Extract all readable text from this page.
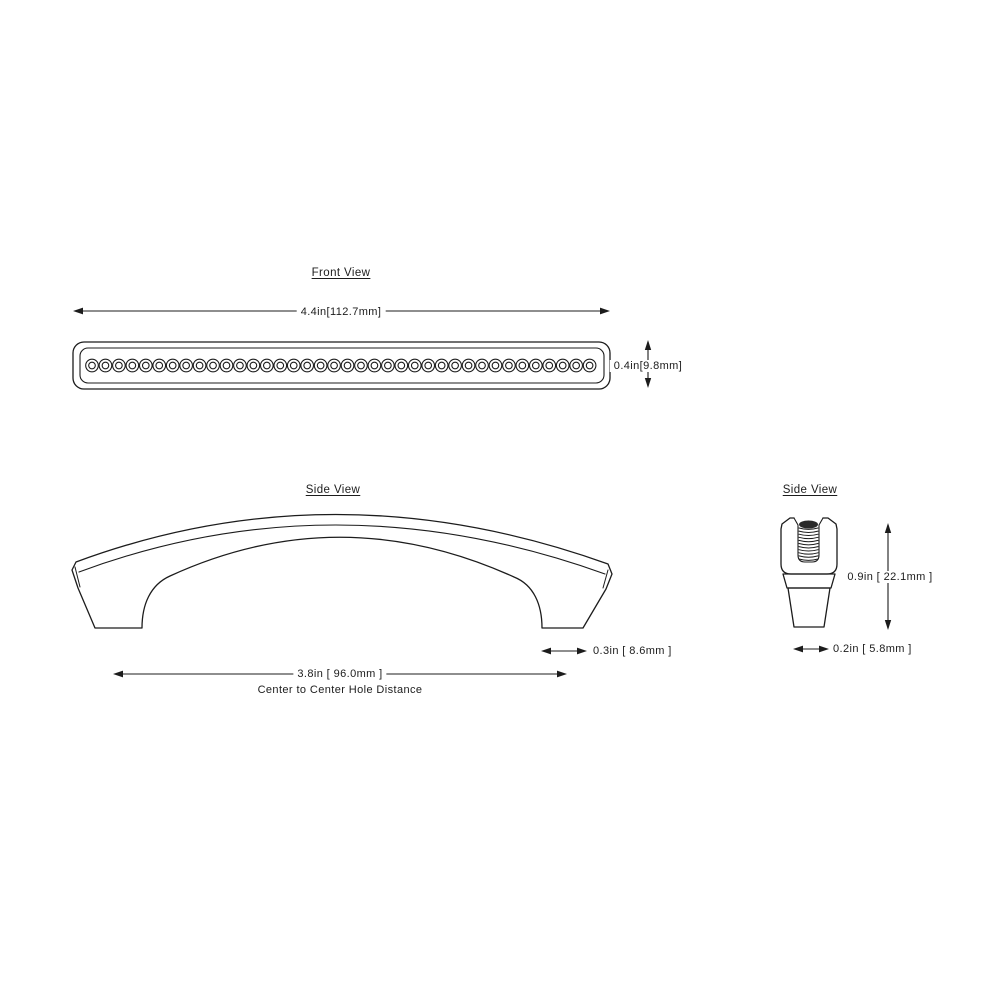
Front View
4.4in[112.7mm]
0.4in[9.8mm]
Side View
0.3in [ 8.6mm ]
3.8in [ 96.0mm ]
Center to Center Hole Distance
Side View
0.9in [ 22.1mm ]
0.2in [ 5.8mm ]
